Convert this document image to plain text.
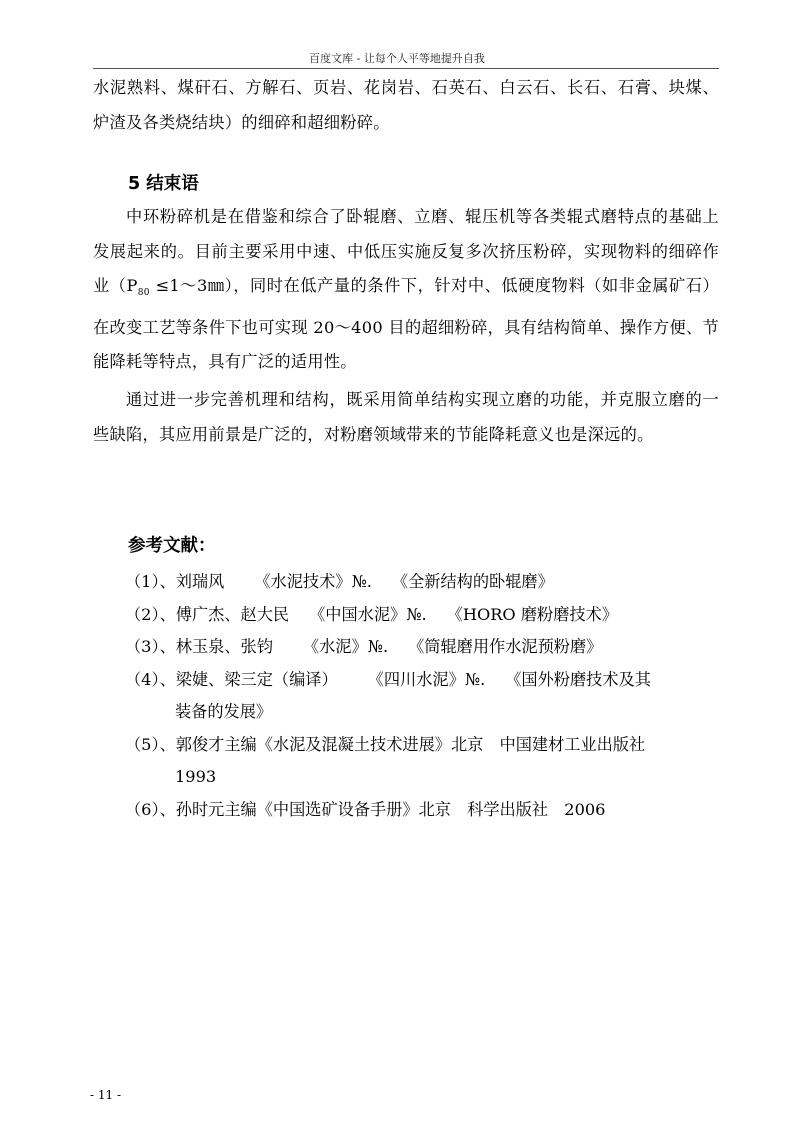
百度文库 - 让每个人平等地提升自我
水泥熟料、煤矸石、方解石、页岩、花岗岩、石英石、白云石、长石、石膏、块煤、炉渣及各类烧结块）的细碎和超细粉碎。
5 结束语
中环粉碎机是在借鉴和综合了卧辊磨、立磨、辊压机等各类辊式磨特点的基础上发展起来的。目前主要采用中速、中低压实施反复多次挤压粉碎，实现物料的细碎作业（$P_{80}$ ≤1～3㎜），同时在低产量的条件下，针对中、低硬度物料（如非金属矿石）在改变工艺等条件下也可实现 20～400 目的超细粉碎，具有结构简单、操作方便、节能降耗等特点，具有广泛的适用性。
通过进一步完善机理和结构，既采用简单结构实现立磨的功能，并克服立磨的一些缺陷，其应用前景是广泛的，对粉磨领域带来的节能降耗意义也是深远的。
参考文献：

（1）、刘瑞风 《水泥技术》№. 《全新结构的卧辊磨》

（2）、傅广杰、赵大民 《中国水泥》№. 《HORO 磨粉磨技术》

（3）、林玉泉、张钧 《水泥》№. 《筒辊磨用作水泥预粉磨》

（4）、梁婕、梁三定（编译） 《四川水泥》№. 《国外粉磨技术及其
装备的发展》

（5）、郭俊才主编《水泥及混凝土技术进展》北京　中国建材工业出版社
1993

（6）、孙时元主编《中国选矿设备手册》北京　科学出版社　2006

- 11 -
